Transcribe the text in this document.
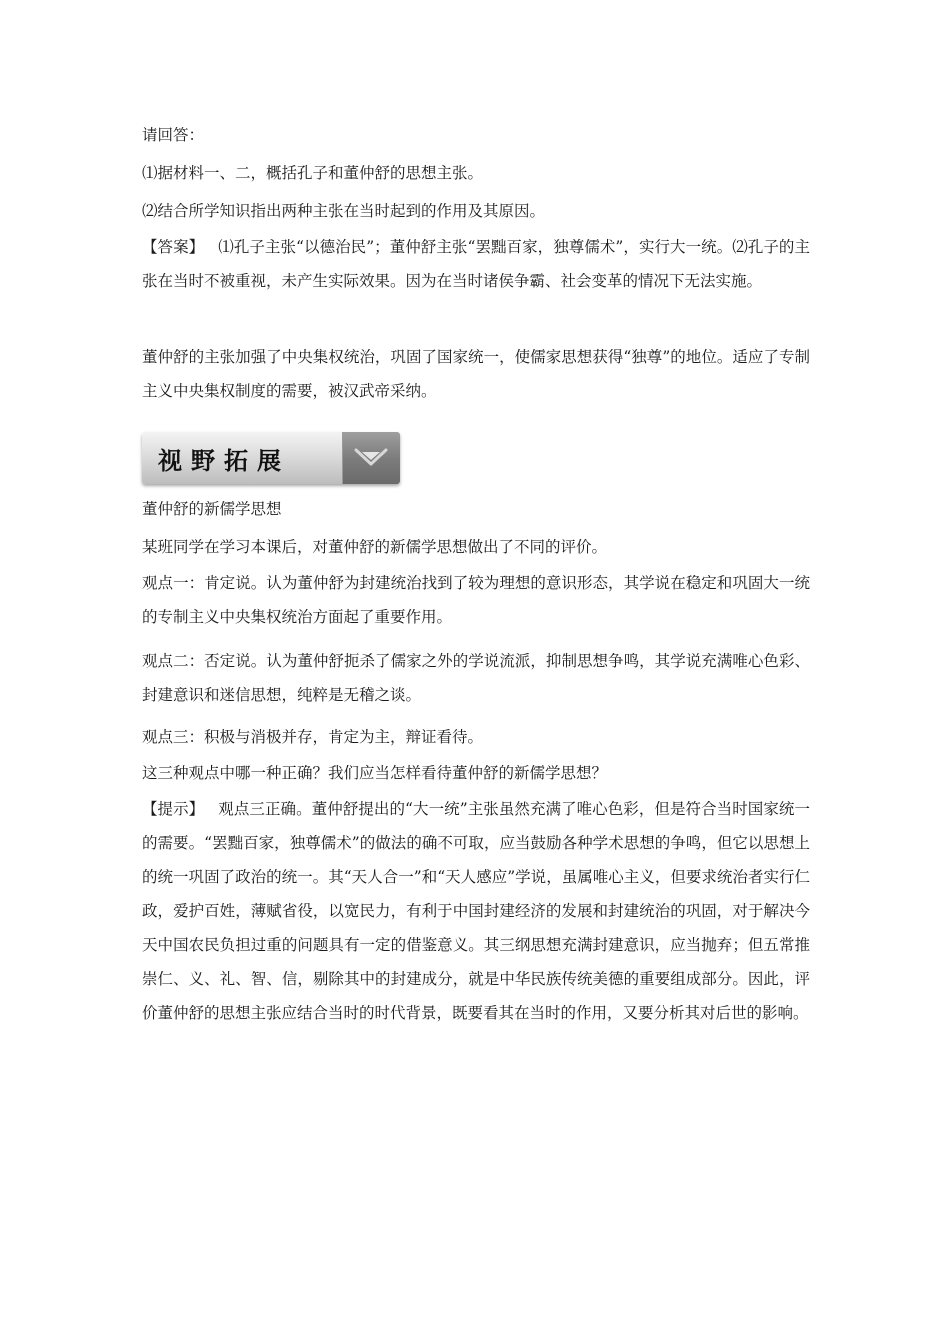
请回答：

⑴据材料一、二，概括孔子和董仲舒的思想主张。

⑵结合所学知识指出两种主张在当时起到的作用及其原因。

【答案】 ⑴孔子主张“以德治民”；董仲舒主张“罢黜百家，独尊儒术”，实行大一统。⑵孔子的主张在当时不被重视，未产生实际效果。因为在当时诸侯争霸、社会变革的情况下无法实施。

董仲舒的主张加强了中央集权统治，巩固了国家统一，使儒家思想获得“独尊”的地位。适应了专制主义中央集权制度的需要，被汉武帝采纳。

视野拓展

董仲舒的新儒学思想

某班同学在学习本课后，对董仲舒的新儒学思想做出了不同的评价。

观点一：肯定说。认为董仲舒为封建统治找到了较为理想的意识形态，其学说在稳定和巩固大一统的专制主义中央集权统治方面起了重要作用。

观点二：否定说。认为董仲舒扼杀了儒家之外的学说流派，抑制思想争鸣，其学说充满唯心色彩、封建意识和迷信思想，纯粹是无稽之谈。

观点三：积极与消极并存，肯定为主，辩证看待。

这三种观点中哪一种正确？我们应当怎样看待董仲舒的新儒学思想？

【提示】 观点三正确。董仲舒提出的“大一统”主张虽然充满了唯心色彩，但是符合当时国家统一的需要。“罢黜百家，独尊儒术”的做法的确不可取，应当鼓励各种学术思想的争鸣，但它以思想上的统一巩固了政治的统一。其“天人合一”和“天人感应”学说，虽属唯心主义，但要求统治者实行仁政，爱护百姓，薄赋省役，以宽民力，有利于中国封建经济的发展和封建统治的巩固，对于解决今天中国农民负担过重的问题具有一定的借鉴意义。其三纲思想充满封建意识，应当抛弃；但五常推崇仁、义、礼、智、信，剔除其中的封建成分，就是中华民族传统美德的重要组成部分。因此，评价董仲舒的思想主张应结合当时的时代背景，既要看其在当时的作用，又要分析其对后世的影响。
